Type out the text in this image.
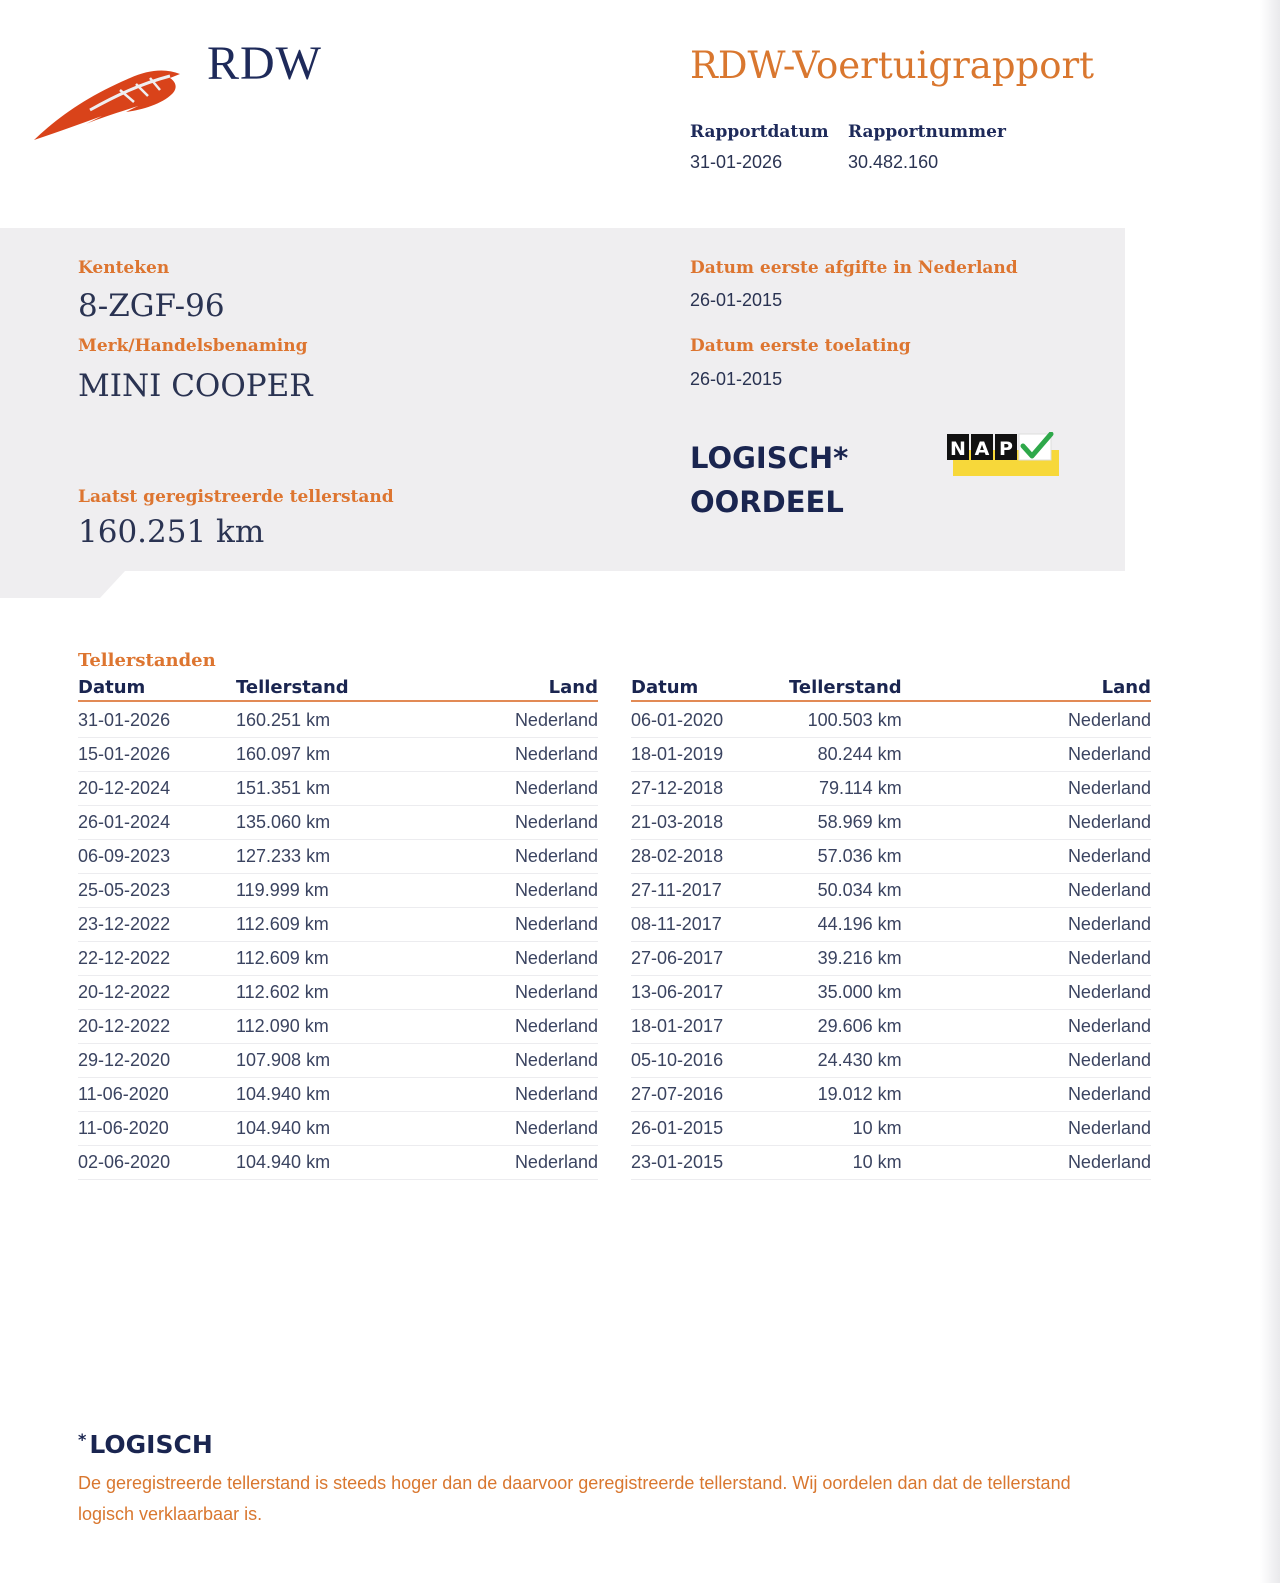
RDW	RDW-Voertuigrapport
Rapportdatum
31-01-2026
Rapportnummer
30.482.160
Kenteken
8-ZGF-96
Merk/Handelsbenaming
MINI COOPER
Laatst geregistreerde tellerstand
160.251 km
Datum eerste afgifte in Nederland
26-01-2015
Datum eerste toelating
26-01-2015
LOGISCH*
OORDEEL
N A P
Tellerstanden
Datum	Tellerstand	Land
31-01-2026	160.251 km	Nederland
15-01-2026	160.097 km	Nederland
20-12-2024	151.351 km	Nederland
26-01-2024	135.060 km	Nederland
06-09-2023	127.233 km	Nederland
25-05-2023	119.999 km	Nederland
23-12-2022	112.609 km	Nederland
22-12-2022	112.609 km	Nederland
20-12-2022	112.602 km	Nederland
20-12-2022	112.090 km	Nederland
29-12-2020	107.908 km	Nederland
11-06-2020	104.940 km	Nederland
11-06-2020	104.940 km	Nederland
02-06-2020	104.940 km	Nederland
Datum	Tellerstand	Land
06-01-2020	100.503 km	Nederland
18-01-2019	80.244 km	Nederland
27-12-2018	79.114 km	Nederland
21-03-2018	58.969 km	Nederland
28-02-2018	57.036 km	Nederland
27-11-2017	50.034 km	Nederland
08-11-2017	44.196 km	Nederland
27-06-2017	39.216 km	Nederland
13-06-2017	35.000 km	Nederland
18-01-2017	29.606 km	Nederland
05-10-2016	24.430 km	Nederland
27-07-2016	19.012 km	Nederland
26-01-2015	10 km	Nederland
23-01-2015	10 km	Nederland
* LOGISCH
De geregistreerde tellerstand is steeds hoger dan de daarvoor geregistreerde tellerstand. Wij oordelen dan dat de tellerstand logisch verklaarbaar is.
